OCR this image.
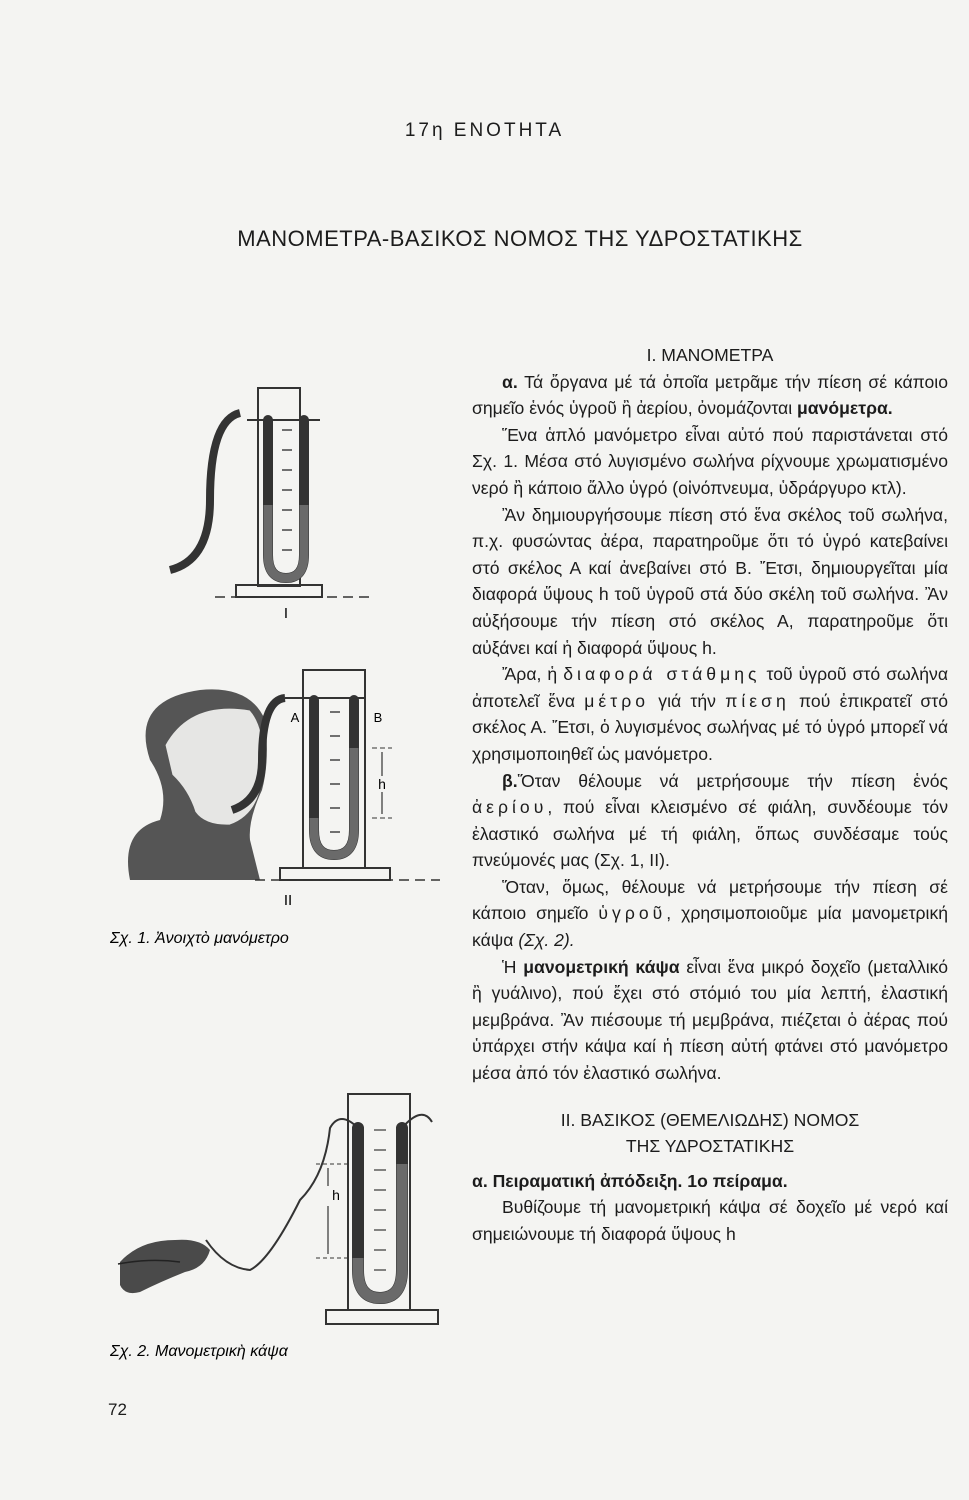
17η ΕΝΟΤΗΤΑ
ΜΑΝΟΜΕΤΡΑ-ΒΑΣΙΚΟΣ ΝΟΜΟΣ ΤΗΣ ΥΔΡΟΣΤΑΤΙΚΗΣ
I
A	B
h
II
Σχ. 1. Ἀνοιχτὸ μανόμετρο
h
Σχ. 2. Μανομετρικὴ κάψα

I. ΜΑΝΟΜΕΤΡΑ

α. Τά ὄργανα μέ τά ὁποῖα μετρᾶμε τήν πίεση σέ κάποιο σημεῖο ἑνός ὑγροῦ ἢ ἀερίου, ὀνομάζονται μανόμετρα.

Ἕνα ἁπλό μανόμετρο εἶναι αὐτό πού παριστάνεται στό Σχ. 1. Μέσα στό λυγισμένο σωλήνα ρίχνουμε χρωματισμένο νερό ἢ κάποιο ἄλλο ὑγρό (οἰνόπνευμα, ὑδράργυρο κτλ).

Ἂν δημιουργήσουμε πίεση στό ἕνα σκέλος τοῦ σωλήνα, π.χ. φυσώντας ἀέρα, παρατηροῦμε ὅτι τό ὑγρό κατεβαίνει στό σκέλος Α καί ἀνεβαίνει στό Β. Ἔτσι, δημιουργεῖται μία διαφορά ὕψους h τοῦ ὑγροῦ στά δύο σκέλη τοῦ σωλήνα. Ἂν αὐξήσουμε τήν πίεση στό σκέλος Α, παρατηροῦμε ὅτι αὐξάνει καί ἡ διαφορά ὕψους h.

Ἄρα, ἡ διαφορά στάθμης τοῦ ὑγροῦ στό σωλήνα ἀποτελεῖ ἕνα μέτρο γιά τήν πίεση πού ἐπικρατεῖ στό σκέλος Α. Ἔτσι, ὁ λυγισμένος σωλήνας μέ τό ὑγρό μπορεῖ νά χρησιμοποιηθεῖ ὡς μανόμετρο.

β.Ὅταν θέλουμε νά μετρήσουμε τήν πίεση ἑνός ἀερίου, πού εἶναι κλεισμένο σέ φιάλη, συνδέουμε τόν ἐλαστικό σωλήνα μέ τή φιάλη, ὅπως συνδέσαμε τούς πνεύμονές μας (Σχ. 1, II).

Ὅταν, ὅμως, θέλουμε νά μετρήσουμε τήν πίεση σέ κάποιο σημεῖο ὑγροῦ, χρησιμοποιοῦμε μία μανομετρική κάψα (Σχ. 2).

Ἡ μανομετρική κάψα εἶναι ἕνα μικρό δοχεῖο (μεταλλικό ἢ γυάλινο), πού ἔχει στό στόμιό του μία λεπτή, ἐλαστική μεμβράνα. Ἂν πιέσουμε τή μεμβράνα, πιέζεται ὁ ἀέρας πού ὑπάρχει στήν κάψα καί ἡ πίεση αὐτή φτάνει στό μανόμετρο μέσα ἀπό τόν ἐλαστικό σωλήνα.

II. ΒΑΣΙΚΟΣ (ΘΕΜΕΛΙΩΔΗΣ) ΝΟΜΟΣ

ΤΗΣ ΥΔΡΟΣΤΑΤΙΚΗΣ

α. Πειραματική ἀπόδειξη. 1ο πείραμα.

Βυθίζουμε τή μανομετρική κάψα σέ δοχεῖο μέ νερό καί σημειώνουμε τή διαφορά ὕψους h

72
